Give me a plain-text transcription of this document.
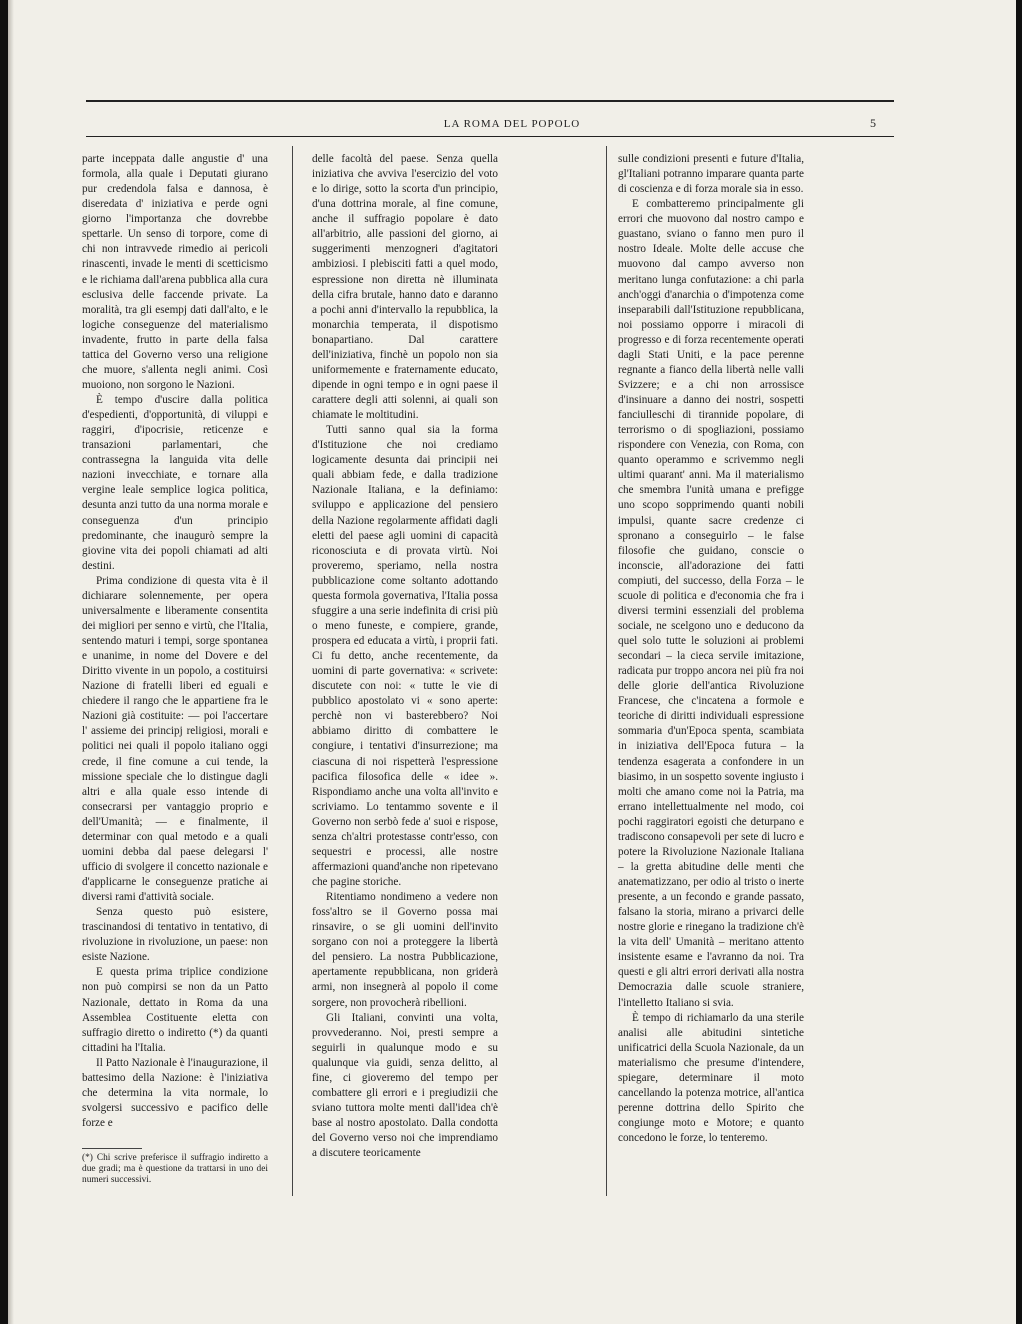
LA ROMA DEL POPOLO	5

parte inceppata dalle angustie d' una formola, alla quale i Deputati giurano pur credendola falsa e dannosa, è diseredata d' iniziativa e perde ogni giorno l'importanza che dovrebbe spettarle. Un senso di torpore, come di chi non intravvede rimedio ai pericoli rinascenti, invade le menti di scetticismo e le richiama dall'arena pubblica alla cura esclusiva delle faccende private. La moralità, tra gli esempj dati dall'alto, e le logiche conseguenze del materialismo invadente, frutto in parte della falsa tattica del Governo verso una religione che muore, s'allenta negli animi. Così muoiono, non sorgono le Nazioni.

È tempo d'uscire dalla politica d'espedienti, d'opportunità, di viluppi e raggiri, d'ipocrisie, reticenze e transazioni parlamentari, che contrassegna la languida vita delle nazioni invecchiate, e tornare alla vergine leale semplice logica politica, desunta anzi tutto da una norma morale e conseguenza d'un principio predominante, che inaugurò sempre la giovine vita dei popoli chiamati ad alti destini.

Prima condizione di questa vita è il dichiarare solennemente, per opera universalmente e liberamente consentita dei migliori per senno e virtù, che l'Italia, sentendo maturi i tempi, sorge spontanea e unanime, in nome del Dovere e del Diritto vivente in un popolo, a costituirsi Nazione di fratelli liberi ed eguali e chiedere il rango che le appartiene fra le Nazioni già costituite: — poi l'accertare l' assieme dei principj religiosi, morali e politici nei quali il popolo italiano oggi crede, il fine comune a cui tende, la missione speciale che lo distingue dagli altri e alla quale esso intende di consecrarsi per vantaggio proprio e dell'Umanità; — e finalmente, il determinar con qual metodo e a quali uomini debba dal paese delegarsi l' ufficio di svolgere il concetto nazionale e d'applicarne le conseguenze pratiche ai diversi rami d'attività sociale.

Senza questo può esistere, trascinandosi di tentativo in tentativo, di rivoluzione in rivoluzione, un paese: non esiste Nazione.

E questa prima triplice condizione non può compirsi se non da un Patto Nazionale, dettato in Roma da una Assemblea Costituente eletta con suffragio diretto o indiretto (*) da quanti cittadini ha l'Italia.

Il Patto Nazionale è l'inaugurazione, il battesimo della Nazione: è l'iniziativa che determina la vita normale, lo svolgersi successivo e pacifico delle forze e

(*) Chi scrive preferisce il suffragio indiretto a due gradi; ma è questione da trattarsi in uno dei numeri successivi.

delle facoltà del paese. Senza quella iniziativa che avviva l'esercizio del voto e lo dirige, sotto la scorta d'un principio, d'una dottrina morale, al fine comune, anche il suffragio popolare è dato all'arbitrio, alle passioni del giorno, ai suggerimenti menzogneri d'agitatori ambiziosi. I plebisciti fatti a quel modo, espressione non diretta nè illuminata della cifra brutale, hanno dato e daranno a pochi anni d'intervallo la repubblica, la monarchia temperata, il dispotismo bonapartiano. Dal carattere dell'iniziativa, finchè un popolo non sia uniformemente e fraternamente educato, dipende in ogni tempo e in ogni paese il carattere degli atti solenni, ai quali son chiamate le moltitudini.

Tutti sanno qual sia la forma d'Istituzione che noi crediamo logicamente desunta dai principii nei quali abbiam fede, e dalla tradizione Nazionale Italiana, e la definiamo: sviluppo e applicazione del pensiero della Nazione regolarmente affidati dagli eletti del paese agli uomini di capacità riconosciuta e di provata virtù. Noi proveremo, speriamo, nella nostra pubblicazione come soltanto adottando questa formola governativa, l'Italia possa sfuggire a una serie indefinita di crisi più o meno funeste, e compiere, grande, prospera ed educata a virtù, i proprii fati. Ci fu detto, anche recentemente, da uomini di parte governativa: « scrivete: discutete con noi: « tutte le vie di pubblico apostolato vi « sono aperte: perchè non vi basterebbero? Noi abbiamo diritto di combattere le congiure, i tentativi d'insurrezione; ma ciascuna di noi rispetterà l'espressione pacifica filosofica delle « idee ». Rispondiamo anche una volta all'invito e scriviamo. Lo tentammo sovente e il Governo non serbò fede a' suoi e rispose, senza ch'altri protestasse contr'esso, con sequestri e processi, alle nostre affermazioni quand'anche non ripetevano che pagine storiche.

Ritentiamo nondimeno a vedere non foss'altro se il Governo possa mai rinsavire, o se gli uomini dell'invito sorgano con noi a proteggere la libertà del pensiero. La nostra Pubblicazione, apertamente repubblicana, non griderà armi, non insegnerà al popolo il come sorgere, non provocherà ribellioni.

Gli Italiani, convinti una volta, provvederanno. Noi, presti sempre a seguirli in qualunque modo e su qualunque via guidi, senza delitto, al fine, ci gioveremo del tempo per combattere gli errori e i pregiudizii che sviano tuttora molte menti dall'idea ch'è base al nostro apostolato. Dalla condotta del Governo verso noi che imprendiamo a discutere teoricamente

sulle condizioni presenti e future d'Italia, gl'Italiani potranno imparare quanta parte di coscienza e di forza morale sia in esso.

E combatteremo principalmente gli errori che muovono dal nostro campo e guastano, sviano o fanno men puro il nostro Ideale. Molte delle accuse che muovono dal campo avverso non meritano lunga confutazione: a chi parla anch'oggi d'anarchia o d'impotenza come inseparabili dall'Istituzione repubblicana, noi possiamo opporre i miracoli di progresso e di forza recentemente operati dagli Stati Uniti, e la pace perenne regnante a fianco della libertà nelle valli Svizzere; e a chi non arrossisce d'insinuare a danno dei nostri, sospetti fanciulleschi di tirannide popolare, di terrorismo o di spogliazioni, possiamo rispondere con Venezia, con Roma, con quanto operammo e scrivemmo negli ultimi quarant' anni. Ma il materialismo che smembra l'unità umana e prefigge uno scopo sopprimendo quanti nobili impulsi, quante sacre credenze ci spronano a conseguirlo – le false filosofie che guidano, conscie o inconscie, all'adorazione dei fatti compiuti, del successo, della Forza – le scuole di politica e d'economia che fra i diversi termini essenziali del problema sociale, ne scelgono uno e deducono da quel solo tutte le soluzioni ai problemi secondari – la cieca servile imitazione, radicata pur troppo ancora nei più fra noi delle glorie dell'antica Rivoluzione Francese, che c'incatena a formole e teoriche di diritti individuali espressione sommaria d'un'Epoca spenta, scambiata in iniziativa dell'Epoca futura – la tendenza esagerata a confondere in un biasimo, in un sospetto sovente ingiusto i molti che amano come noi la Patria, ma errano intellettualmente nel modo, coi pochi raggiratori egoisti che deturpano e tradiscono consapevoli per sete di lucro e potere la Rivoluzione Nazionale Italiana – la gretta abitudine delle menti che anatematizzano, per odio al tristo o inerte presente, a un fecondo e grande passato, falsano la storia, mirano a privarci delle nostre glorie e rinegano la tradizione ch'è la vita dell' Umanità – meritano attento insistente esame e l'avranno da noi. Tra questi e gli altri errori derivati alla nostra Democrazia dalle scuole straniere, l'intelletto Italiano si svia.

È tempo di richiamarlo da una sterile analisi alle abitudini sintetiche unificatrici della Scuola Nazionale, da un materialismo che presume d'intendere, spiegare, determinare il moto cancellando la potenza motrice, all'antica perenne dottrina dello Spirito che congiunge moto e Motore; e quanto concedono le forze, lo tenteremo.
